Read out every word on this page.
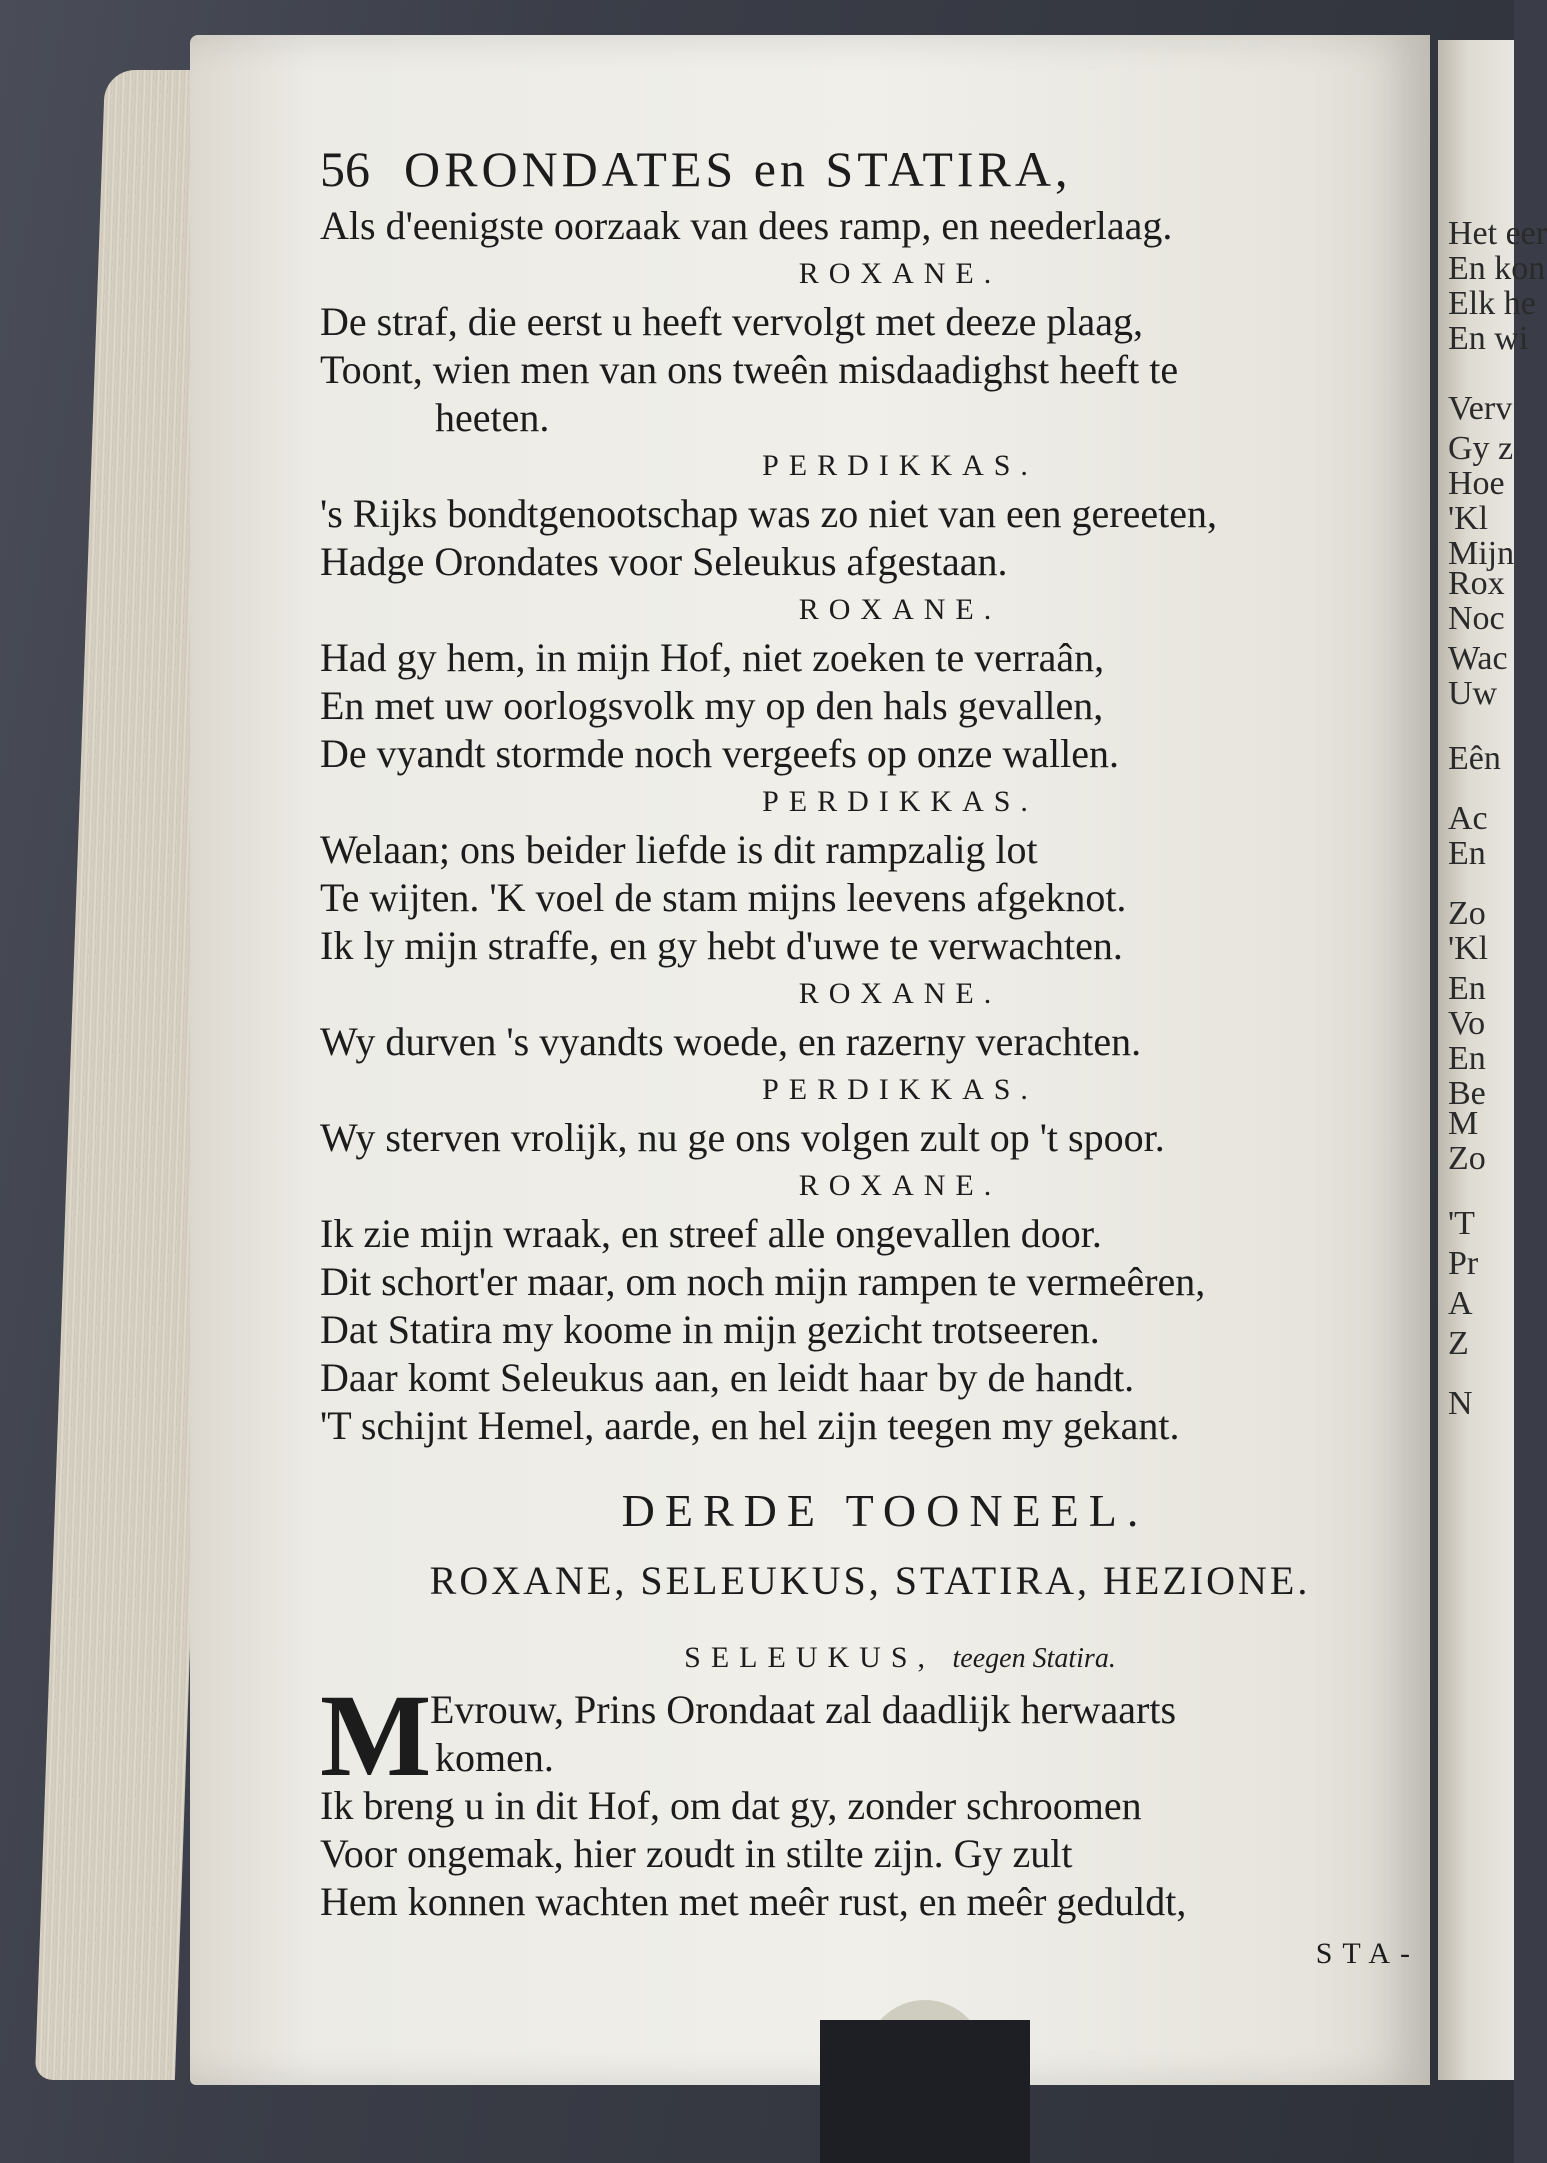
Het eer
En kon
Elk he
En wi
Verv
Gy z
Hoe
'Kl
Mijn
Rox
Noc
Wac
Uw
Eên
Ac
En
Zo
'Kl
En
Vo
En
Be
M
Zo
'T
Pr
A
Z
N
56 ORONDATES en STATIRA,
Als d'eenigste oorzaak van dees ramp, en neederlaag.
ROXANE.
De straf, die eerst u heeft vervolgt met deeze plaag,
Toont, wien men van ons tweên misdaadighst heeft te
heeten.
PERDIKKAS.
's Rijks bondtgenootschap was zo niet van een gereeten,
Hadge Orondates voor Seleukus afgestaan.
ROXANE.
Had gy hem, in mijn Hof, niet zoeken te verraân,
En met uw oorlogsvolk my op den hals gevallen,
De vyandt stormde noch vergeefs op onze wallen.
PERDIKKAS.
Welaan; ons beider liefde is dit rampzalig lot
Te wijten. 'K voel de stam mijns leevens afgeknot.
Ik ly mijn straffe, en gy hebt d'uwe te verwachten.
ROXANE.
Wy durven 's vyandts woede, en razerny verachten.
PERDIKKAS.
Wy sterven vrolijk, nu ge ons volgen zult op 't spoor.
ROXANE.
Ik zie mijn wraak, en streef alle ongevallen door.
Dit schort'er maar, om noch mijn rampen te vermeêren,
Dat Statira my koome in mijn gezicht trotseeren.
Daar komt Seleukus aan, en leidt haar by de handt.
'T schijnt Hemel, aarde, en hel zijn teegen my gekant.
DERDE TOONEEL.
ROXANE, SELEUKUS, STATIRA, HEZIONE.
SELEUKUS, teegen Statira.
M
Evrouw, Prins Orondaat zal daadlijk herwaarts
komen.
Ik breng u in dit Hof, om dat gy, zonder schroomen
Voor ongemak, hier zoudt in stilte zijn. Gy zult
Hem konnen wachten met meêr rust, en meêr geduldt,
STA-
